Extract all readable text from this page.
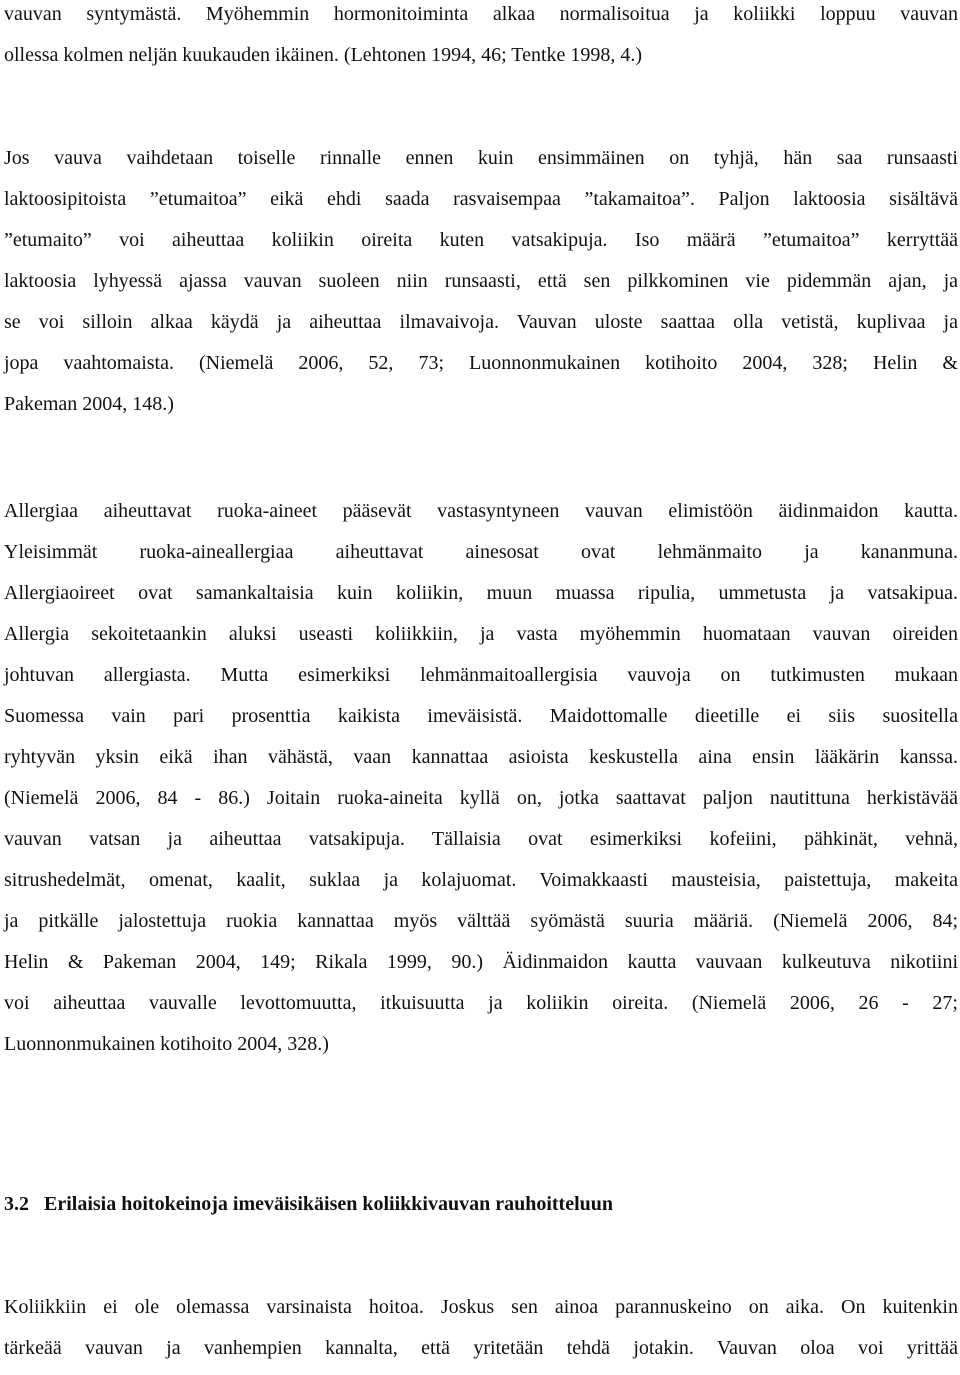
vauvan syntymästä. Myöhemmin hormonitoiminta alkaa normalisoitua ja koliikki loppuu vauvan
ollessa kolmen neljän kuukauden ikäinen. (Lehtonen 1994, 46; Tentke 1998, 4.)
Jos vauva vaihdetaan toiselle rinnalle ennen kuin ensimmäinen on tyhjä, hän saa runsaasti
laktoosipitoista ”etumaitoa” eikä ehdi saada rasvaisempaa ”takamaitoa”. Paljon laktoosia sisältävä
”etumaito” voi aiheuttaa koliikin oireita kuten vatsakipuja. Iso määrä ”etumaitoa” kerryttää
laktoosia lyhyessä ajassa vauvan suoleen niin runsaasti, että sen pilkkominen vie pidemmän ajan, ja
se voi silloin alkaa käydä ja aiheuttaa ilmavaivoja. Vauvan uloste saattaa olla vetistä, kuplivaa ja
jopa vaahtomaista. (Niemelä 2006, 52, 73; Luonnonmukainen kotihoito 2004, 328; Helin &
Pakeman 2004, 148.)
Allergiaa aiheuttavat ruoka-aineet pääsevät vastasyntyneen vauvan elimistöön äidinmaidon kautta.
Yleisimmät ruoka-aineallergiaa aiheuttavat ainesosat ovat lehmänmaito ja kananmuna.
Allergiaoireet ovat samankaltaisia kuin koliikin, muun muassa ripulia, ummetusta ja vatsakipua.
Allergia sekoitetaankin aluksi useasti koliikkiin, ja vasta myöhemmin huomataan vauvan oireiden
johtuvan allergiasta. Mutta esimerkiksi lehmänmaitoallergisia vauvoja on tutkimusten mukaan
Suomessa vain pari prosenttia kaikista imeväisistä. Maidottomalle dieetille ei siis suositella
ryhtyvän yksin eikä ihan vähästä, vaan kannattaa asioista keskustella aina ensin lääkärin kanssa.
(Niemelä 2006, 84 - 86.) Joitain ruoka-aineita kyllä on, jotka saattavat paljon nautittuna herkistävää
vauvan vatsan ja aiheuttaa vatsakipuja. Tällaisia ovat esimerkiksi kofeiini, pähkinät, vehnä,
sitrushedelmät, omenat, kaalit, suklaa ja kolajuomat. Voimakkaasti mausteisia, paistettuja, makeita
ja pitkälle jalostettuja ruokia kannattaa myös välttää syömästä suuria määriä. (Niemelä 2006, 84;
Helin & Pakeman 2004, 149; Rikala 1999, 90.) Äidinmaidon kautta vauvaan kulkeutuva nikotiini
voi aiheuttaa vauvalle levottomuutta, itkuisuutta ja koliikin oireita. (Niemelä 2006, 26 - 27;
Luonnonmukainen kotihoito 2004, 328.)
3.2 Erilaisia hoitokeinoja imeväisikäisen koliikkivauvan rauhoitteluun
Koliikkiin ei ole olemassa varsinaista hoitoa. Joskus sen ainoa parannuskeino on aika. On kuitenkin
tärkeää vauvan ja vanhempien kannalta, että yritetään tehdä jotakin. Vauvan oloa voi yrittää
